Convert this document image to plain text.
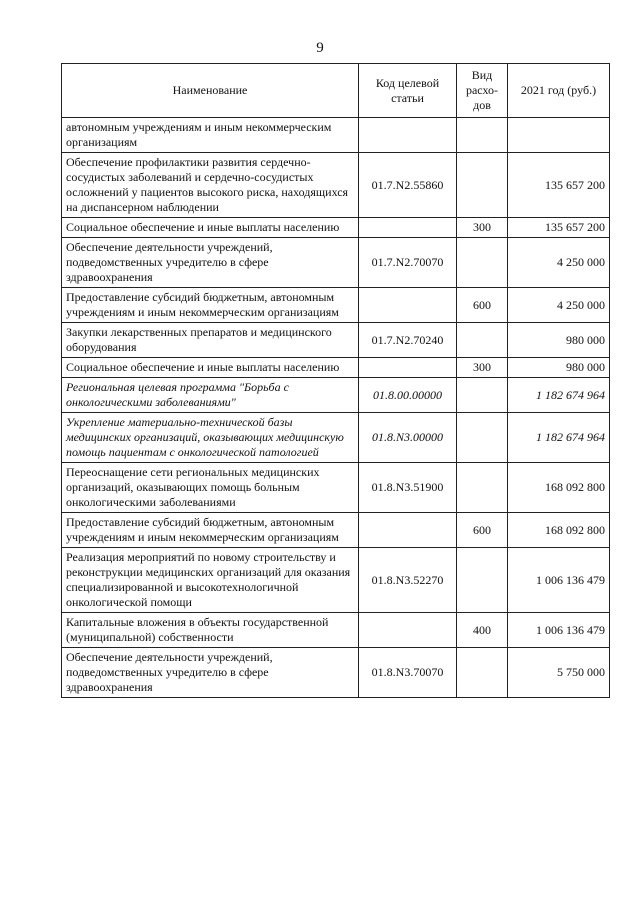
9
Наименование	Код целевой статьи	Вид расхо-дов	2021 год (руб.)
автономным учреждениям и иным некоммерческим организациям			
Обеспечение профилактики развития сердечно-сосудистых заболеваний и сердечно-сосудистых осложнений у пациентов высокого риска, находящихся на диспансерном наблюдении	01.7.N2.55860		135 657 200
Социальное обеспечение и иные выплаты населению		300	135 657 200
Обеспечение деятельности учреждений, подведомственных учредителю в сфере здравоохранения	01.7.N2.70070		4 250 000
Предоставление субсидий бюджетным, автономным учреждениям и иным некоммерческим организациям		600	4 250 000
Закупки лекарственных препаратов и медицинского оборудования	01.7.N2.70240		980 000
Социальное обеспечение и иные выплаты населению		300	980 000
Региональная целевая программа "Борьба с онкологическими заболеваниями"	01.8.00.00000		1 182 674 964
Укрепление материально-технической базы медицинских организаций, оказывающих медицинскую помощь пациентам с онкологической патологией	01.8.N3.00000		1 182 674 964
Переоснащение сети региональных медицинских организаций, оказывающих помощь больным онкологическими заболеваниями	01.8.N3.51900		168 092 800
Предоставление субсидий бюджетным, автономным учреждениям и иным некоммерческим организациям		600	168 092 800
Реализация мероприятий по новому строительству и реконструкции медицинских организаций для оказания специализированной и высокотехнологичной онкологической помощи	01.8.N3.52270		1 006 136 479
Капитальные вложения в объекты государственной (муниципальной) собственности		400	1 006 136 479
Обеспечение деятельности учреждений, подведомственных учредителю в сфере здравоохранения	01.8.N3.70070		5 750 000
